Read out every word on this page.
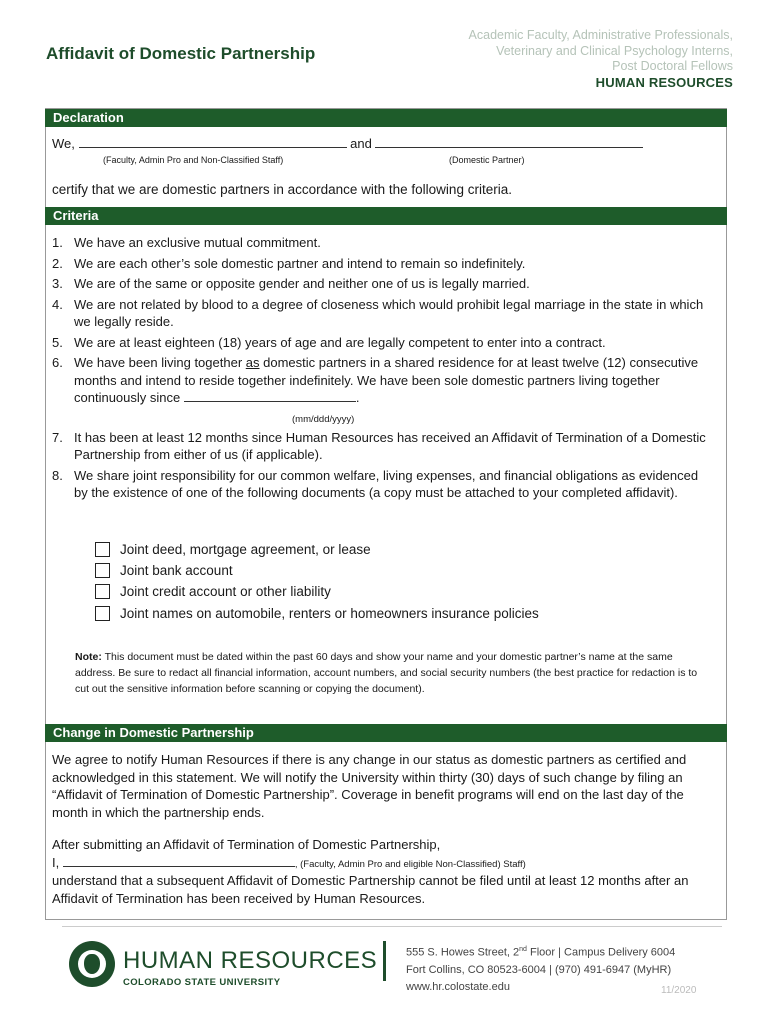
Affidavit of Domestic Partnership
Academic Faculty, Administrative Professionals,
Veterinary and Clinical Psychology Interns,
Post Doctoral Fellows
HUMAN RESOURCES
Declaration
We,	and
(Faculty, Admin Pro and Non-Classified Staff)	(Domestic Partner)
certify that we are domestic partners in accordance with the following criteria.
Criteria
1. We have an exclusive mutual commitment.
2. We are each other’s sole domestic partner and intend to remain so indefinitely.
3. We are of the same or opposite gender and neither one of us is legally married.
4. We are not related by blood to a degree of closeness which would prohibit legal marriage in the state in which we legally reside.
5. We are at least eighteen (18) years of age and are legally competent to enter into a contract.
6. We have been living together as domestic partners in a shared residence for at least twelve (12) consecutive months and intend to reside together indefinitely. We have been sole domestic partners living together continuously since	.
(mm/ddd/yyyy)
7. It has been at least 12 months since Human Resources has received an Affidavit of Termination of a Domestic Partnership from either of us (if applicable).
8. We share joint responsibility for our common welfare, living expenses, and financial obligations as evidenced by the existence of one of the following documents (a copy must be attached to your completed affidavit).
Joint deed, mortgage agreement, or lease
Joint bank account
Joint credit account or other liability
Joint names on automobile, renters or homeowners insurance policies
Note: This document must be dated within the past 60 days and show your name and your domestic partner’s name at the same address. Be sure to redact all financial information, account numbers, and social security numbers (the best practice for redaction is to cut out the sensitive information before scanning or copying the document).
Change in Domestic Partnership
We agree to notify Human Resources if there is any change in our status as domestic partners as certified and acknowledged in this statement. We will notify the University within thirty (30) days of such change by filing an “Affidavit of Termination of Domestic Partnership”. Coverage in benefit programs will end on the last day of the month in which the partnership ends.
After submitting an Affidavit of Termination of Domestic Partnership,
I,	, (Faculty, Admin Pro and eligible Non-Classified) Staff)
understand that a subsequent Affidavit of Domestic Partnership cannot be filed until at least 12 months after an Affidavit of Termination has been received by Human Resources.
HUMAN RESOURCES
COLORADO STATE UNIVERSITY
555 S. Howes Street, 2nd Floor | Campus Delivery 6004
Fort Collins, CO 80523-6004 | (970) 491-6947 (MyHR)
www.hr.colostate.edu	11/2020
